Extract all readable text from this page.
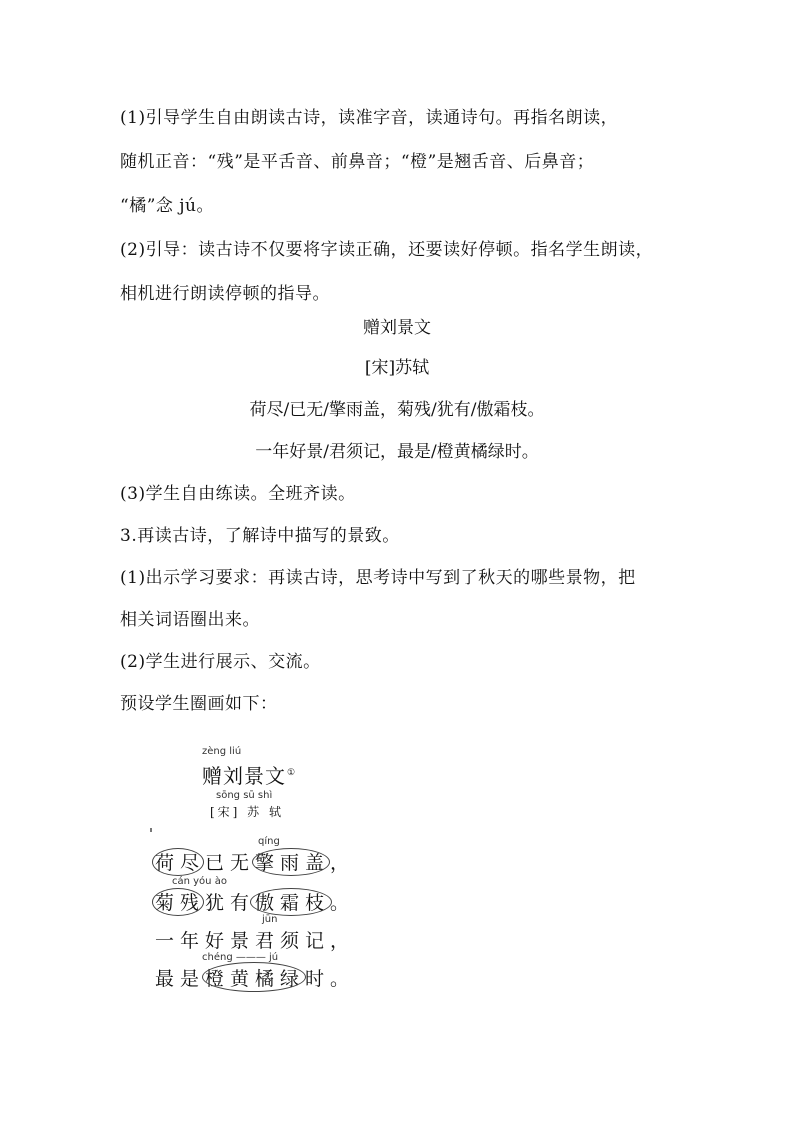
(1)引导学生自由朗读古诗，读准字音，读通诗句。再指名朗读，
随机正音：“残”是平舌音、前鼻音；“橙”是翘舌音、后鼻音；
“橘”念 jú。
(2)引导：读古诗不仅要将字读正确，还要读好停顿。指名学生朗读，
相机进行朗读停顿的指导。
赠刘景文
[宋]苏轼
荷尽/已无/擎雨盖，菊残/犹有/傲霜枝。
一年好景/君须记，最是/橙黄橘绿时。
(3)学生自由练读。全班齐读。
3.再读古诗，了解诗中描写的景致。
(1)出示学习要求：再读古诗，思考诗中写到了秋天的哪些景物，把
相关词语圈出来。
(2)学生进行展示、交流。
预设学生圈画如下：
zèng liú
赠刘景文①
sōng sū shì
[宋] 苏 轼
qíng
荷尽已无擎雨盖，
cán yóu ào
菊残犹有傲霜枝。
jūn
一年好景君须记，
chéng ——— jú
最是橙黄橘绿时。
